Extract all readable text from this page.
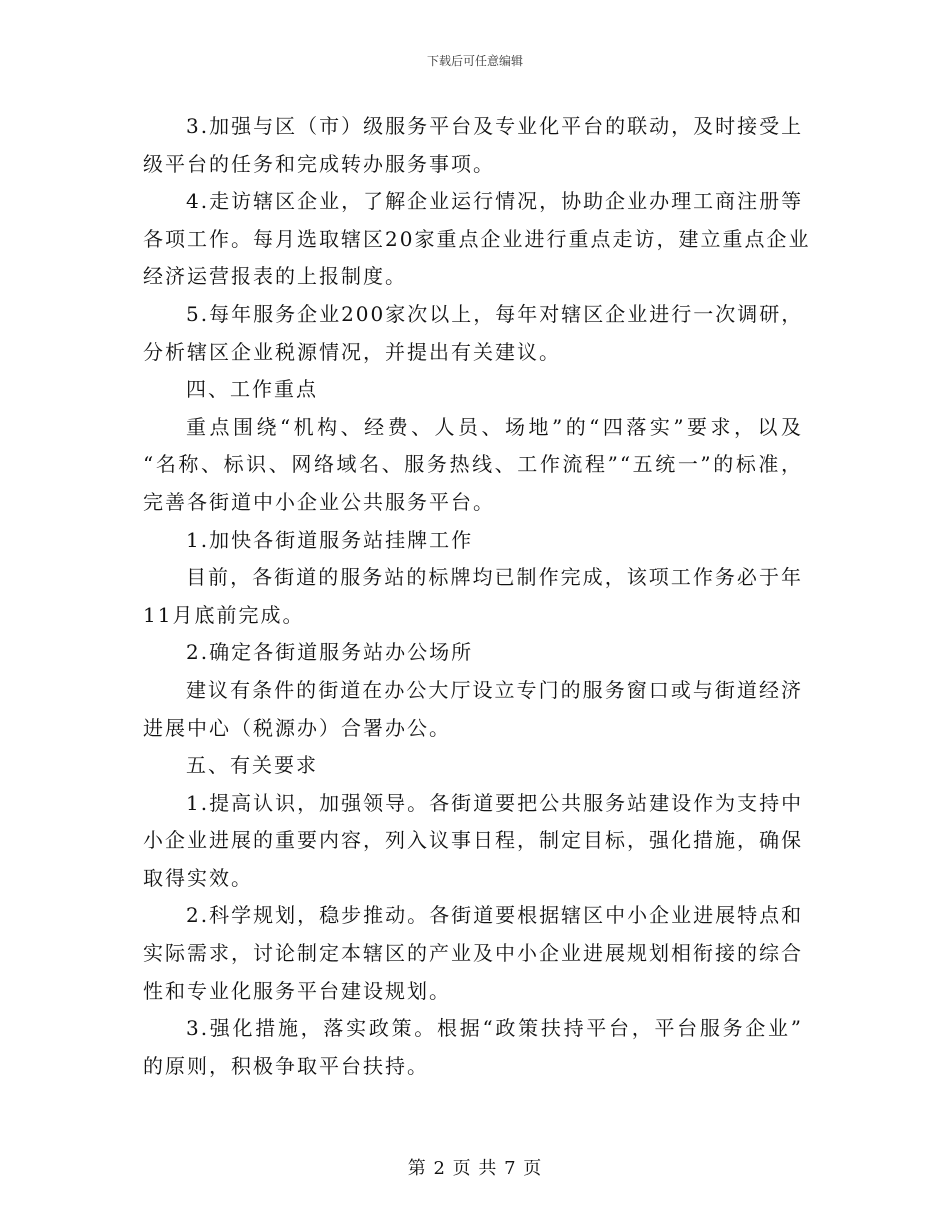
下载后可任意编辑
3.加强与区（市）级服务平台及专业化平台的联动，及时接受上
级平台的任务和完成转办服务事项。
4.走访辖区企业，了解企业运行情况，协助企业办理工商注册等
各项工作。每月选取辖区20家重点企业进行重点走访，建立重点企业
经济运营报表的上报制度。
5.每年服务企业200家次以上，每年对辖区企业进行一次调研，
分析辖区企业税源情况，并提出有关建议。
四、工作重点
重点围绕“机构、经费、人员、场地”的“四落实”要求，以及
“名称、标识、网络域名、服务热线、工作流程”“五统一”的标准，
完善各街道中小企业公共服务平台。
1.加快各街道服务站挂牌工作
目前，各街道的服务站的标牌均已制作完成，该项工作务必于年
11月底前完成。
2.确定各街道服务站办公场所
建议有条件的街道在办公大厅设立专门的服务窗口或与街道经济
进展中心（税源办）合署办公。
五、有关要求
1.提高认识，加强领导。各街道要把公共服务站建设作为支持中
小企业进展的重要内容，列入议事日程，制定目标，强化措施，确保
取得实效。
2.科学规划，稳步推动。各街道要根据辖区中小企业进展特点和
实际需求，讨论制定本辖区的产业及中小企业进展规划相衔接的综合
性和专业化服务平台建设规划。
3.强化措施，落实政策。根据“政策扶持平台，平台服务企业”
的原则，积极争取平台扶持。
第 2 页 共 7 页
